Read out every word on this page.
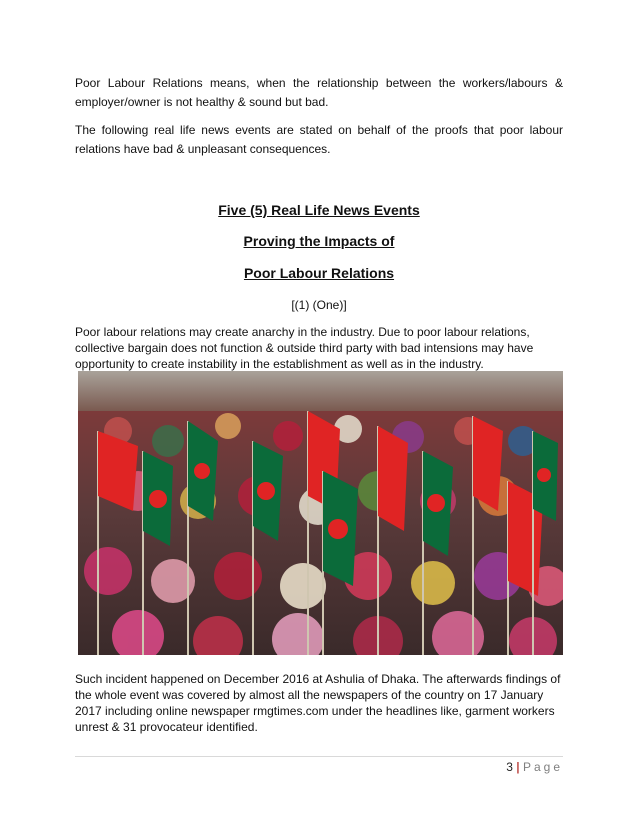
Poor Labour Relations means, when the relationship between the workers/labours & employer/owner is not healthy & sound but bad.

The following real life news events are stated on behalf of the proofs that poor labour relations have bad & unpleasant consequences.

Five (5) Real Life News Events

Proving the Impacts of

Poor Labour Relations

[(1) (One)]

Poor labour relations may create anarchy in the industry. Due to poor labour relations, collective bargain does not function & outside third party with bad intensions may have opportunity to create instability in the establishment as well as in the industry.

Such incident happened on December 2016 at Ashulia of Dhaka. The afterwards findings of the whole event was covered by almost all the newspapers of the country on 17 January 2017 including online newspaper rmgtimes.com under the headlines like, garment workers unrest & 31 provocateur identified.

3 | Page
